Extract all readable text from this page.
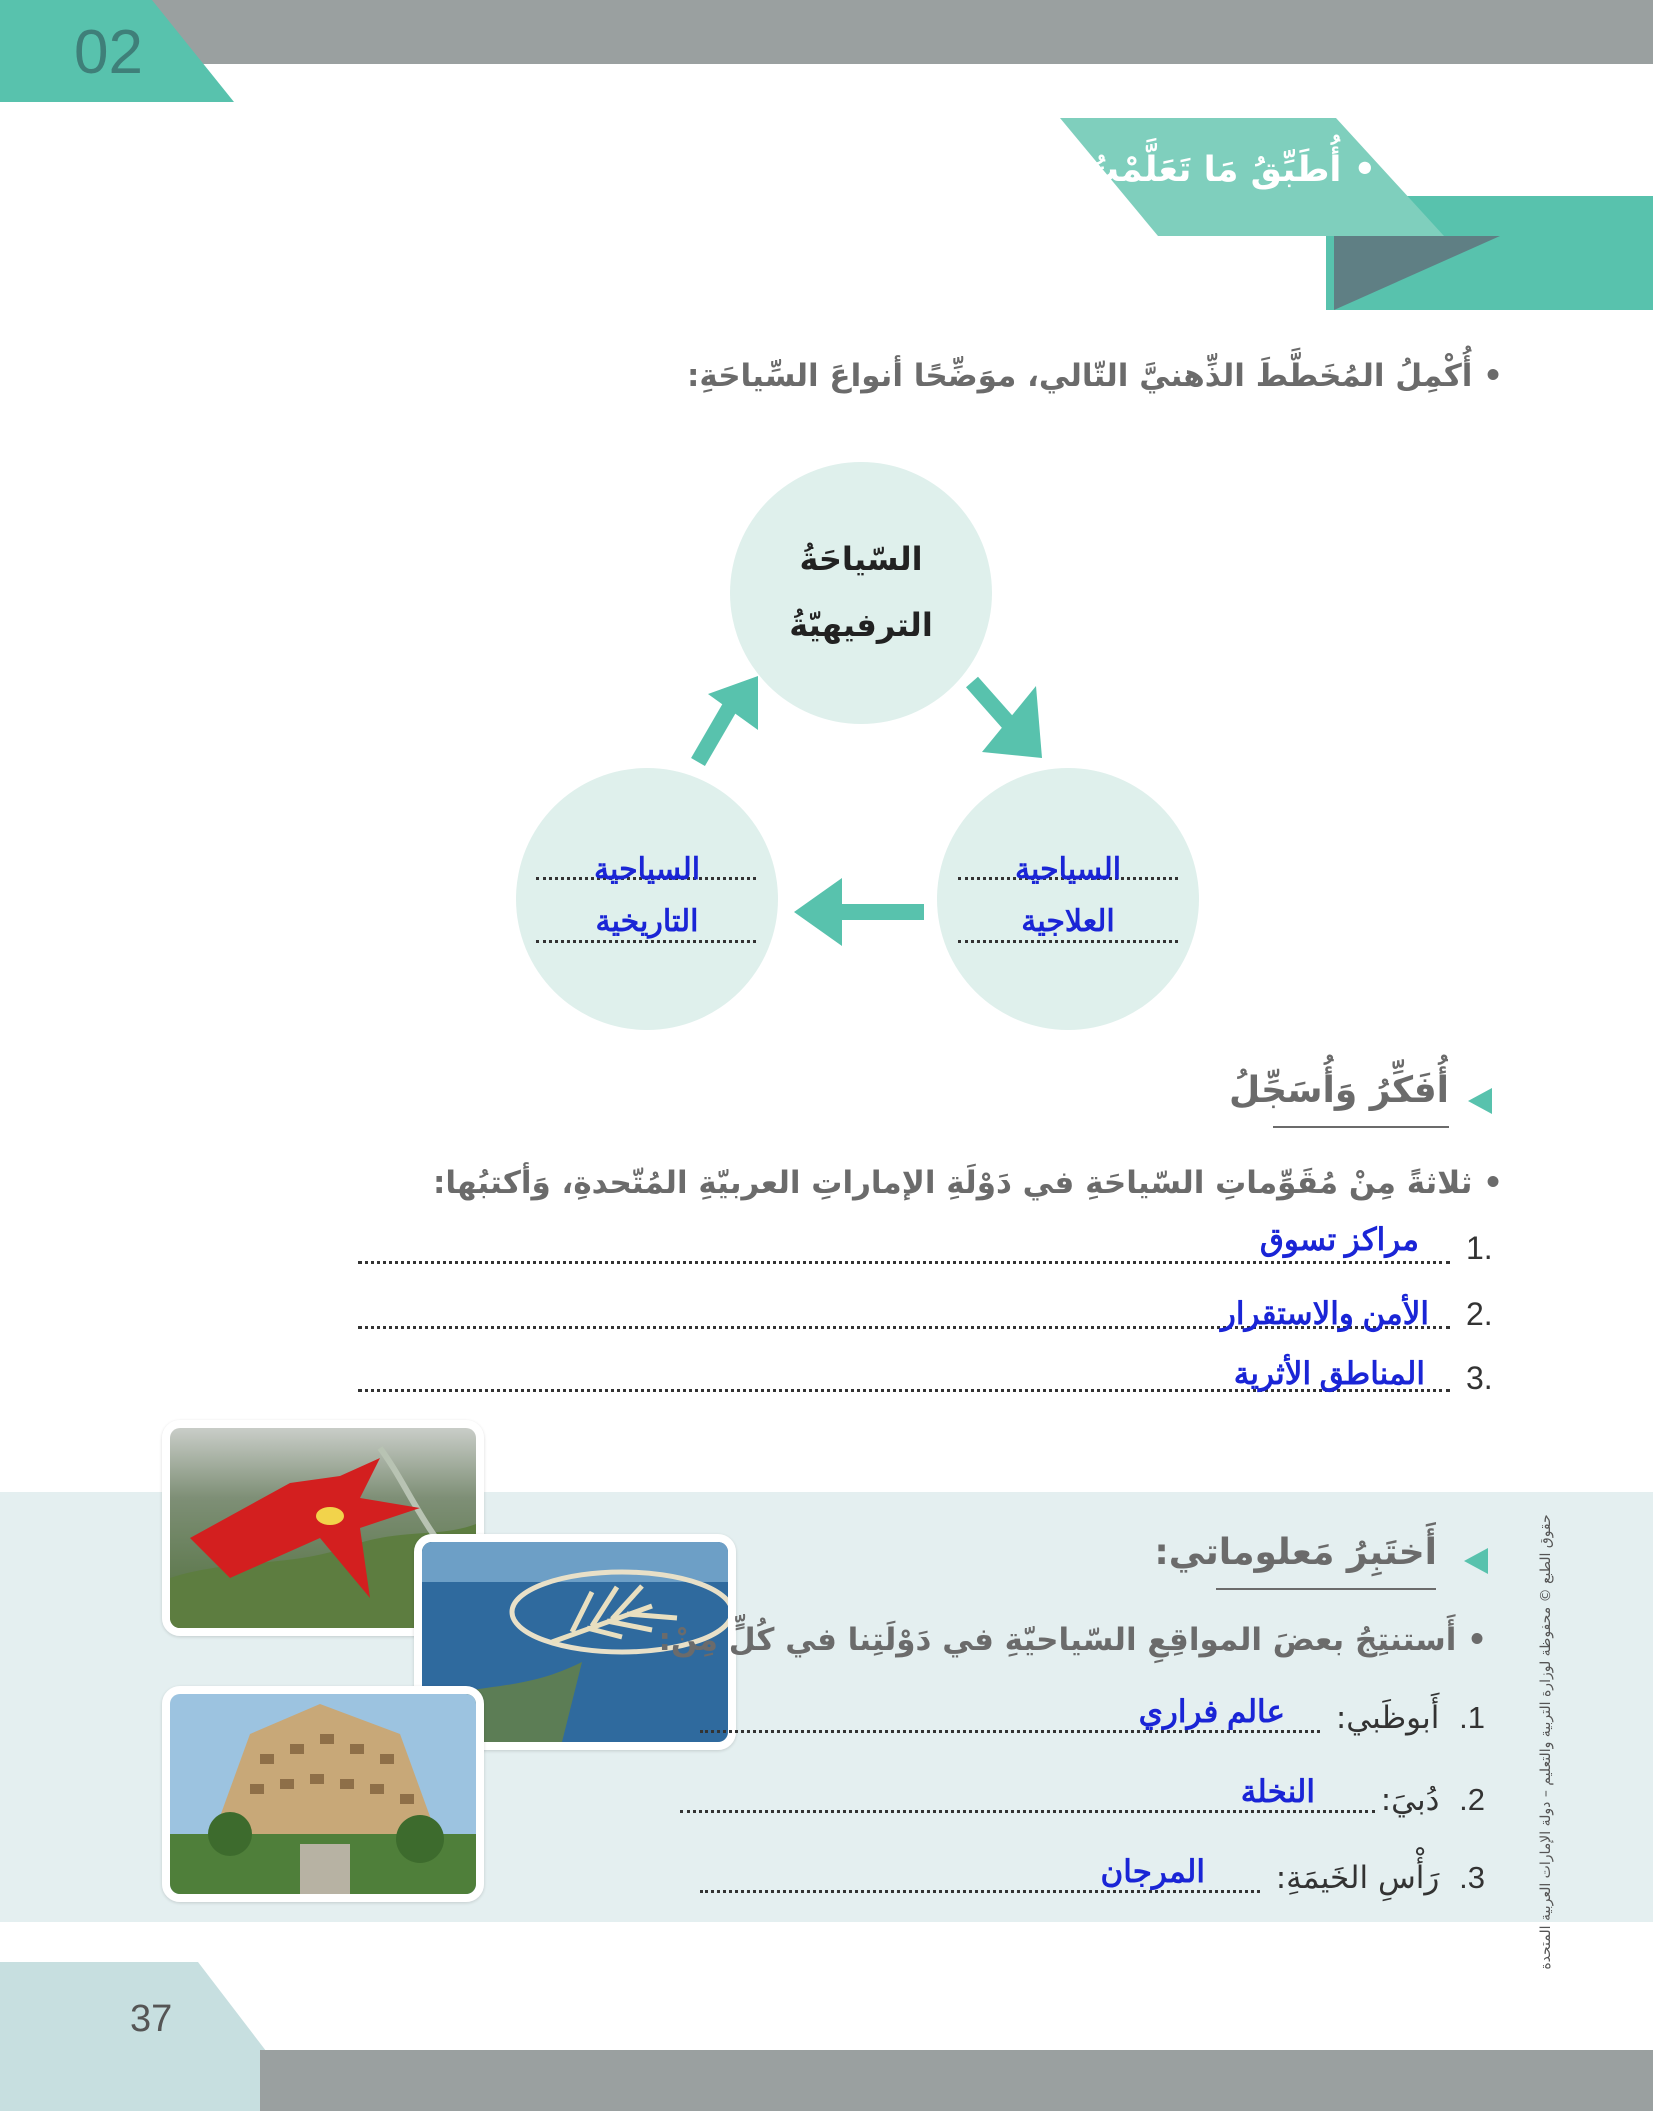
02
• أُطَبِّقُ مَا تَعَلَّمْتُ
• أُكْمِلُ المُخَطَّطَ الذِّهنيَّ التّالي، موَضِّحًا أنواعَ السِّياحَةِ:
السّياحَةُ
الترفيهيّةُ
السياحية
العلاجية
السياحية
التاريخية
أُفَكِّرُ وَأُسَجِّلُ
• ثلاثةً مِنْ مُقَوِّماتِ السّياحَةِ في دَوْلَةِ الإماراتِ العربيّةِ المُتّحدةِ، وَأكتبُها:
1.
مراكز تسوق
2.
الأمن والاستقرار
3.
المناطق الأثرية
أَختَبِرُ مَعلوماتي:
• أَستنتِجُ بعضَ المواقِعِ السّياحيّةِ في دَوْلَتِنا في كُلٍّ مِنْ:
1.  أَبوظَبي:
عالم فراري
2.  دُبيَ:
النخلة
3.  رَأْسِ الخَيمَةِ:
المرجان	حقوق الطبع © محفوظة لوزارة التربية والتعليم – دولة الإمارات العربية المتحدة
37
